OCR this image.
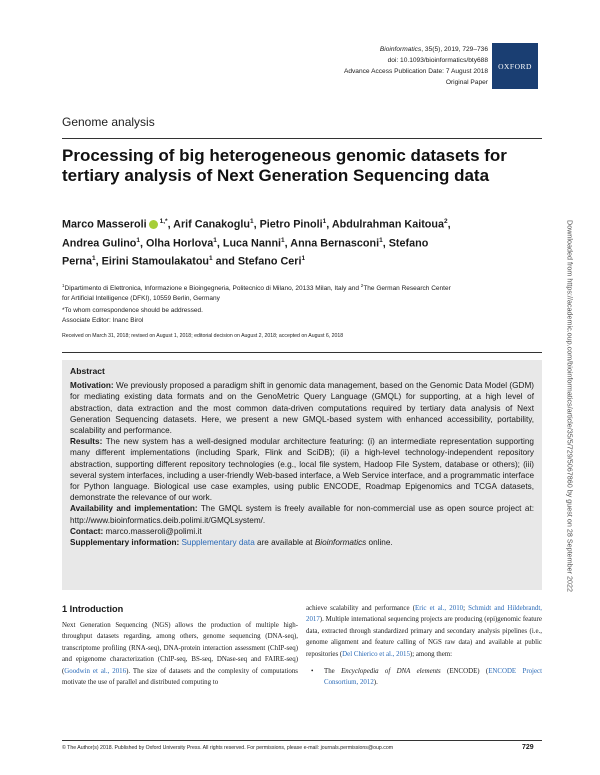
Bioinformatics, 35(5), 2019, 729–736
doi: 10.1093/bioinformatics/bty688
Advance Access Publication Date: 7 August 2018
Original Paper
OXFORD
Genome analysis
Processing of big heterogeneous genomic datasets for tertiary analysis of Next Generation Sequencing data
Marco Masseroli $^{1,*}$, Arif Canakoglu$^1$, Pietro Pinoli$^1$, Abdulrahman Kaitoua$^2$, Andrea Gulino$^1$, Olha Horlova$^1$, Luca Nanni$^1$, Anna Bernasconi$^1$, Stefano Perna$^1$, Eirini Stamoulakatou$^1$ and Stefano Ceri$^1$
$^1$Dipartimento di Elettronica, Informazione e Bioingegneria, Politecnico di Milano, 20133 Milan, Italy and $^2$The German Research Center for Artificial Intelligence (DFKI), 10559 Berlin, Germany
*To whom correspondence should be addressed.
Associate Editor: Inanc Birol
Received on March 31, 2018; revised on August 1, 2018; editorial decision on August 2, 2018; accepted on August 6, 2018
Abstract

Motivation: We previously proposed a paradigm shift in genomic data management, based on the Genomic Data Model (GDM) for mediating existing data formats and on the GenoMetric Query Language (GMQL) for supporting, at a high level of abstraction, data extraction and the most common data-driven computations required by tertiary data analysis of Next Generation Sequencing datasets. Here, we present a new GMQL-based system with enhanced accessibility, portability, scalability and performance.

Results: The new system has a well-designed modular architecture featuring: (i) an intermediate representation supporting many different implementations (including Spark, Flink and SciDB); (ii) a high-level technology-independent repository abstraction, supporting different repository technologies (e.g., local file system, Hadoop File System, database or others); (iii) several system interfaces, including a user-friendly Web-based interface, a Web Service interface, and a programmatic interface for Python language. Biological use case examples, using public ENCODE, Roadmap Epigenomics and TCGA datasets, demonstrate the relevance of our work.

Availability and implementation: The GMQL system is freely available for non-commercial use as open source project at: http://www.bioinformatics.deib.polimi.it/GMQLsystem/.

Contact: marco.masseroli@polimi.it

Supplementary information: Supplementary data are available at Bioinformatics online.

1 Introduction

Next Generation Sequencing (NGS) allows the production of multiple high-throughput datasets regarding, among others, genome sequencing (DNA-seq), transcriptome profiling (RNA-seq), DNA-protein interaction assessment (ChIP-seq) and epigenome characterization (ChIP-seq, BS-seq, DNase-seq and FAIRE-seq) (Goodwin et al., 2016). The size of datasets and the complexity of computations motivate the use of parallel and distributed computing to

achieve scalability and performance (Eric et al., 2010; Schmidt and Hildebrandt, 2017). Multiple international sequencing projects are producing (epi)genomic feature data, extracted through standardized primary and secondary analysis pipelines (i.e., genome alignment and feature calling of NGS raw data) and available at public repositories (Del Chierico et al., 2015); among them:

• The Encyclopedia of DNA elements (ENCODE) (ENCODE Project Consortium, 2012).
© The Author(s) 2018. Published by Oxford University Press. All rights reserved. For permissions, please e-mail: journals.permissions@oup.com	729
Downloaded from https://academic.oup.com/bioinformatics/article/35/5/729/5067860 by guest on 28 September 2022
